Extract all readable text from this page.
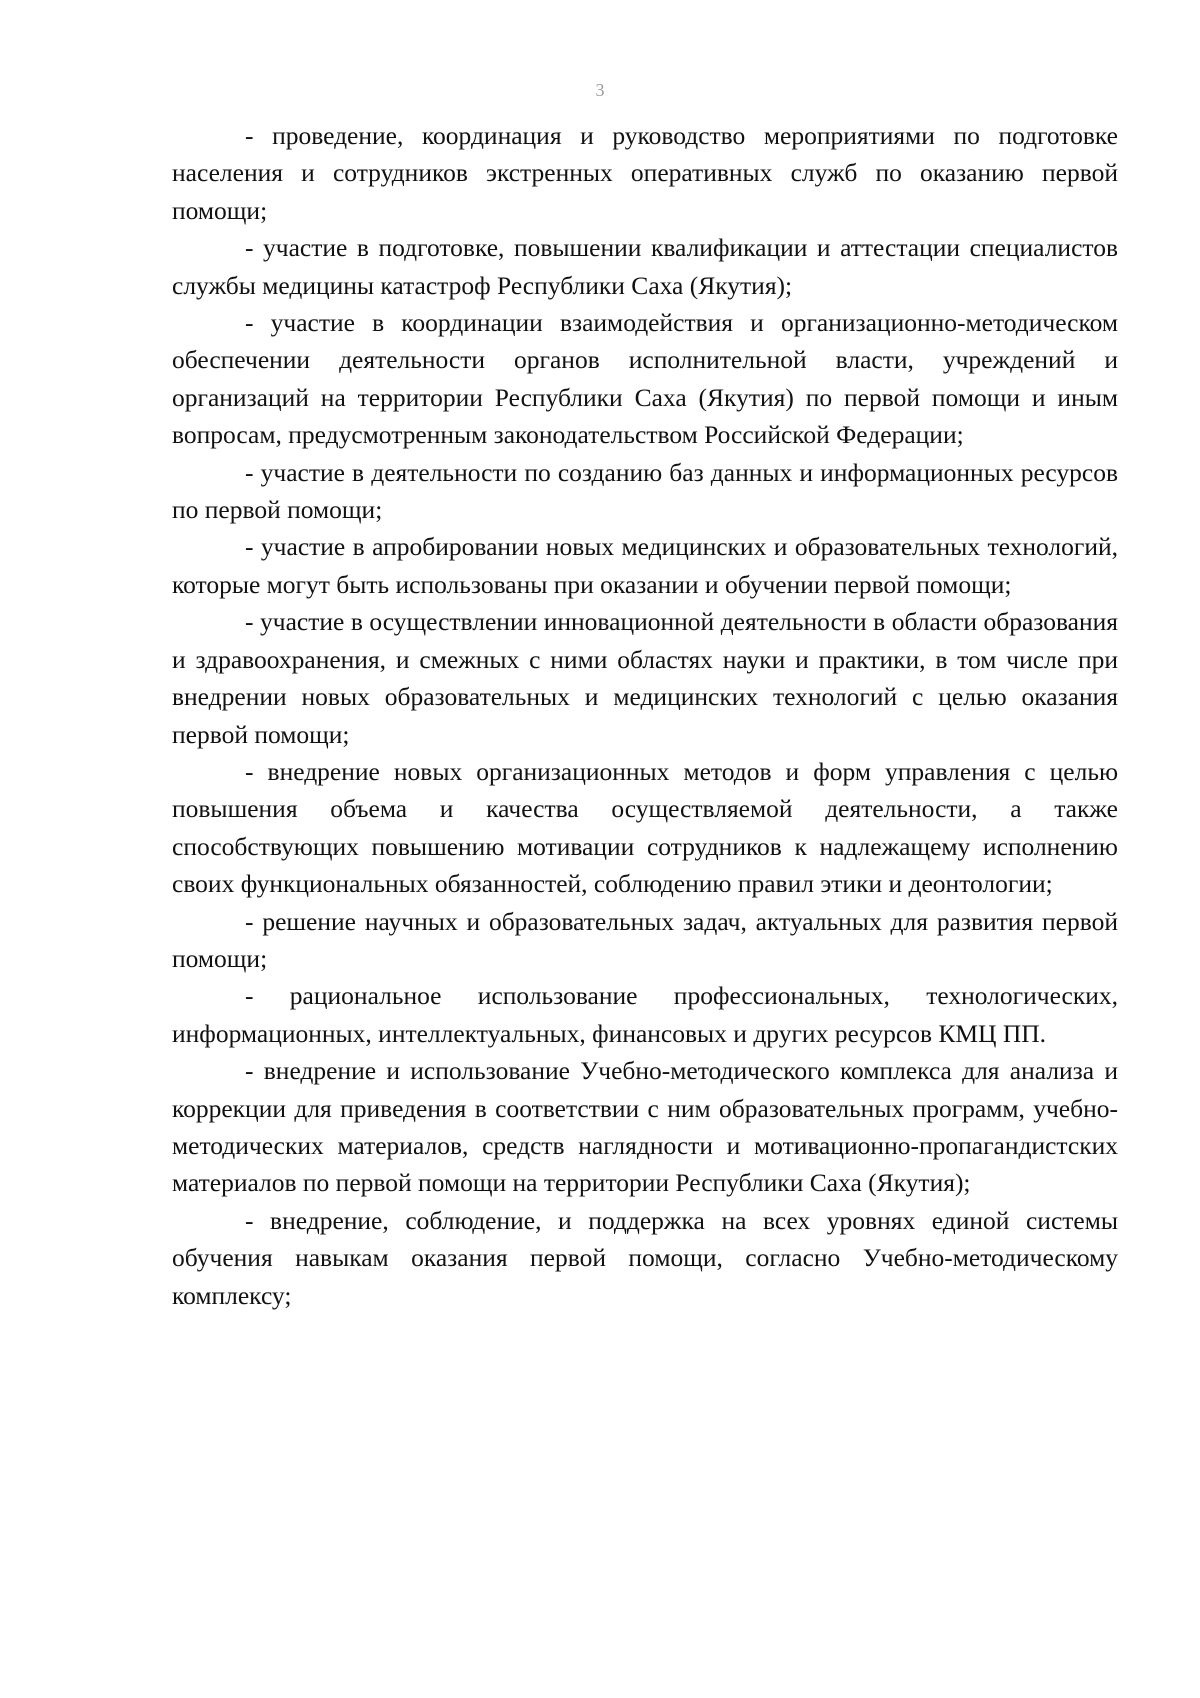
3

- проведение, координация и руководство мероприятиями по подготовке населения и сотрудников экстренных оперативных служб по оказанию первой помощи;

- участие в подготовке, повышении квалификации и аттестации специалистов службы медицины катастроф Республики Саха (Якутия);

- участие в координации взаимодействия и организационно-методическом обеспечении деятельности органов исполнительной власти, учреждений и организаций на территории Республики Саха (Якутия) по первой помощи и иным вопросам, предусмотренным законодательством Российской Федерации;

- участие в деятельности по созданию баз данных и информационных ресурсов по первой помощи;

- участие в апробировании новых медицинских и образовательных технологий, которые могут быть использованы при оказании и обучении первой помощи;

- участие в осуществлении инновационной деятельности в области образования и здравоохранения, и смежных с ними областях науки и практики, в том числе при внедрении новых образовательных и медицинских технологий с целью оказания первой помощи;

- внедрение новых организационных методов и форм управления с целью повышения объема и качества осуществляемой деятельности, а также способствующих повышению мотивации сотрудников к надлежащему исполнению своих функциональных обязанностей, соблюдению правил этики и деонтологии;

- решение научных и образовательных задач, актуальных для развития первой помощи;

- рациональное использование профессиональных, технологических, информационных, интеллектуальных, финансовых и других ресурсов КМЦ ПП.

- внедрение и использование Учебно-методического комплекса для анализа и коррекции для приведения в соответствии с ним образовательных программ, учебно-методических материалов, средств наглядности и мотивационно-пропагандистских материалов по первой помощи на территории Республики Саха (Якутия);

- внедрение, соблюдение, и поддержка на всех уровнях единой системы обучения навыкам оказания первой помощи, согласно Учебно-методическому комплексу;
